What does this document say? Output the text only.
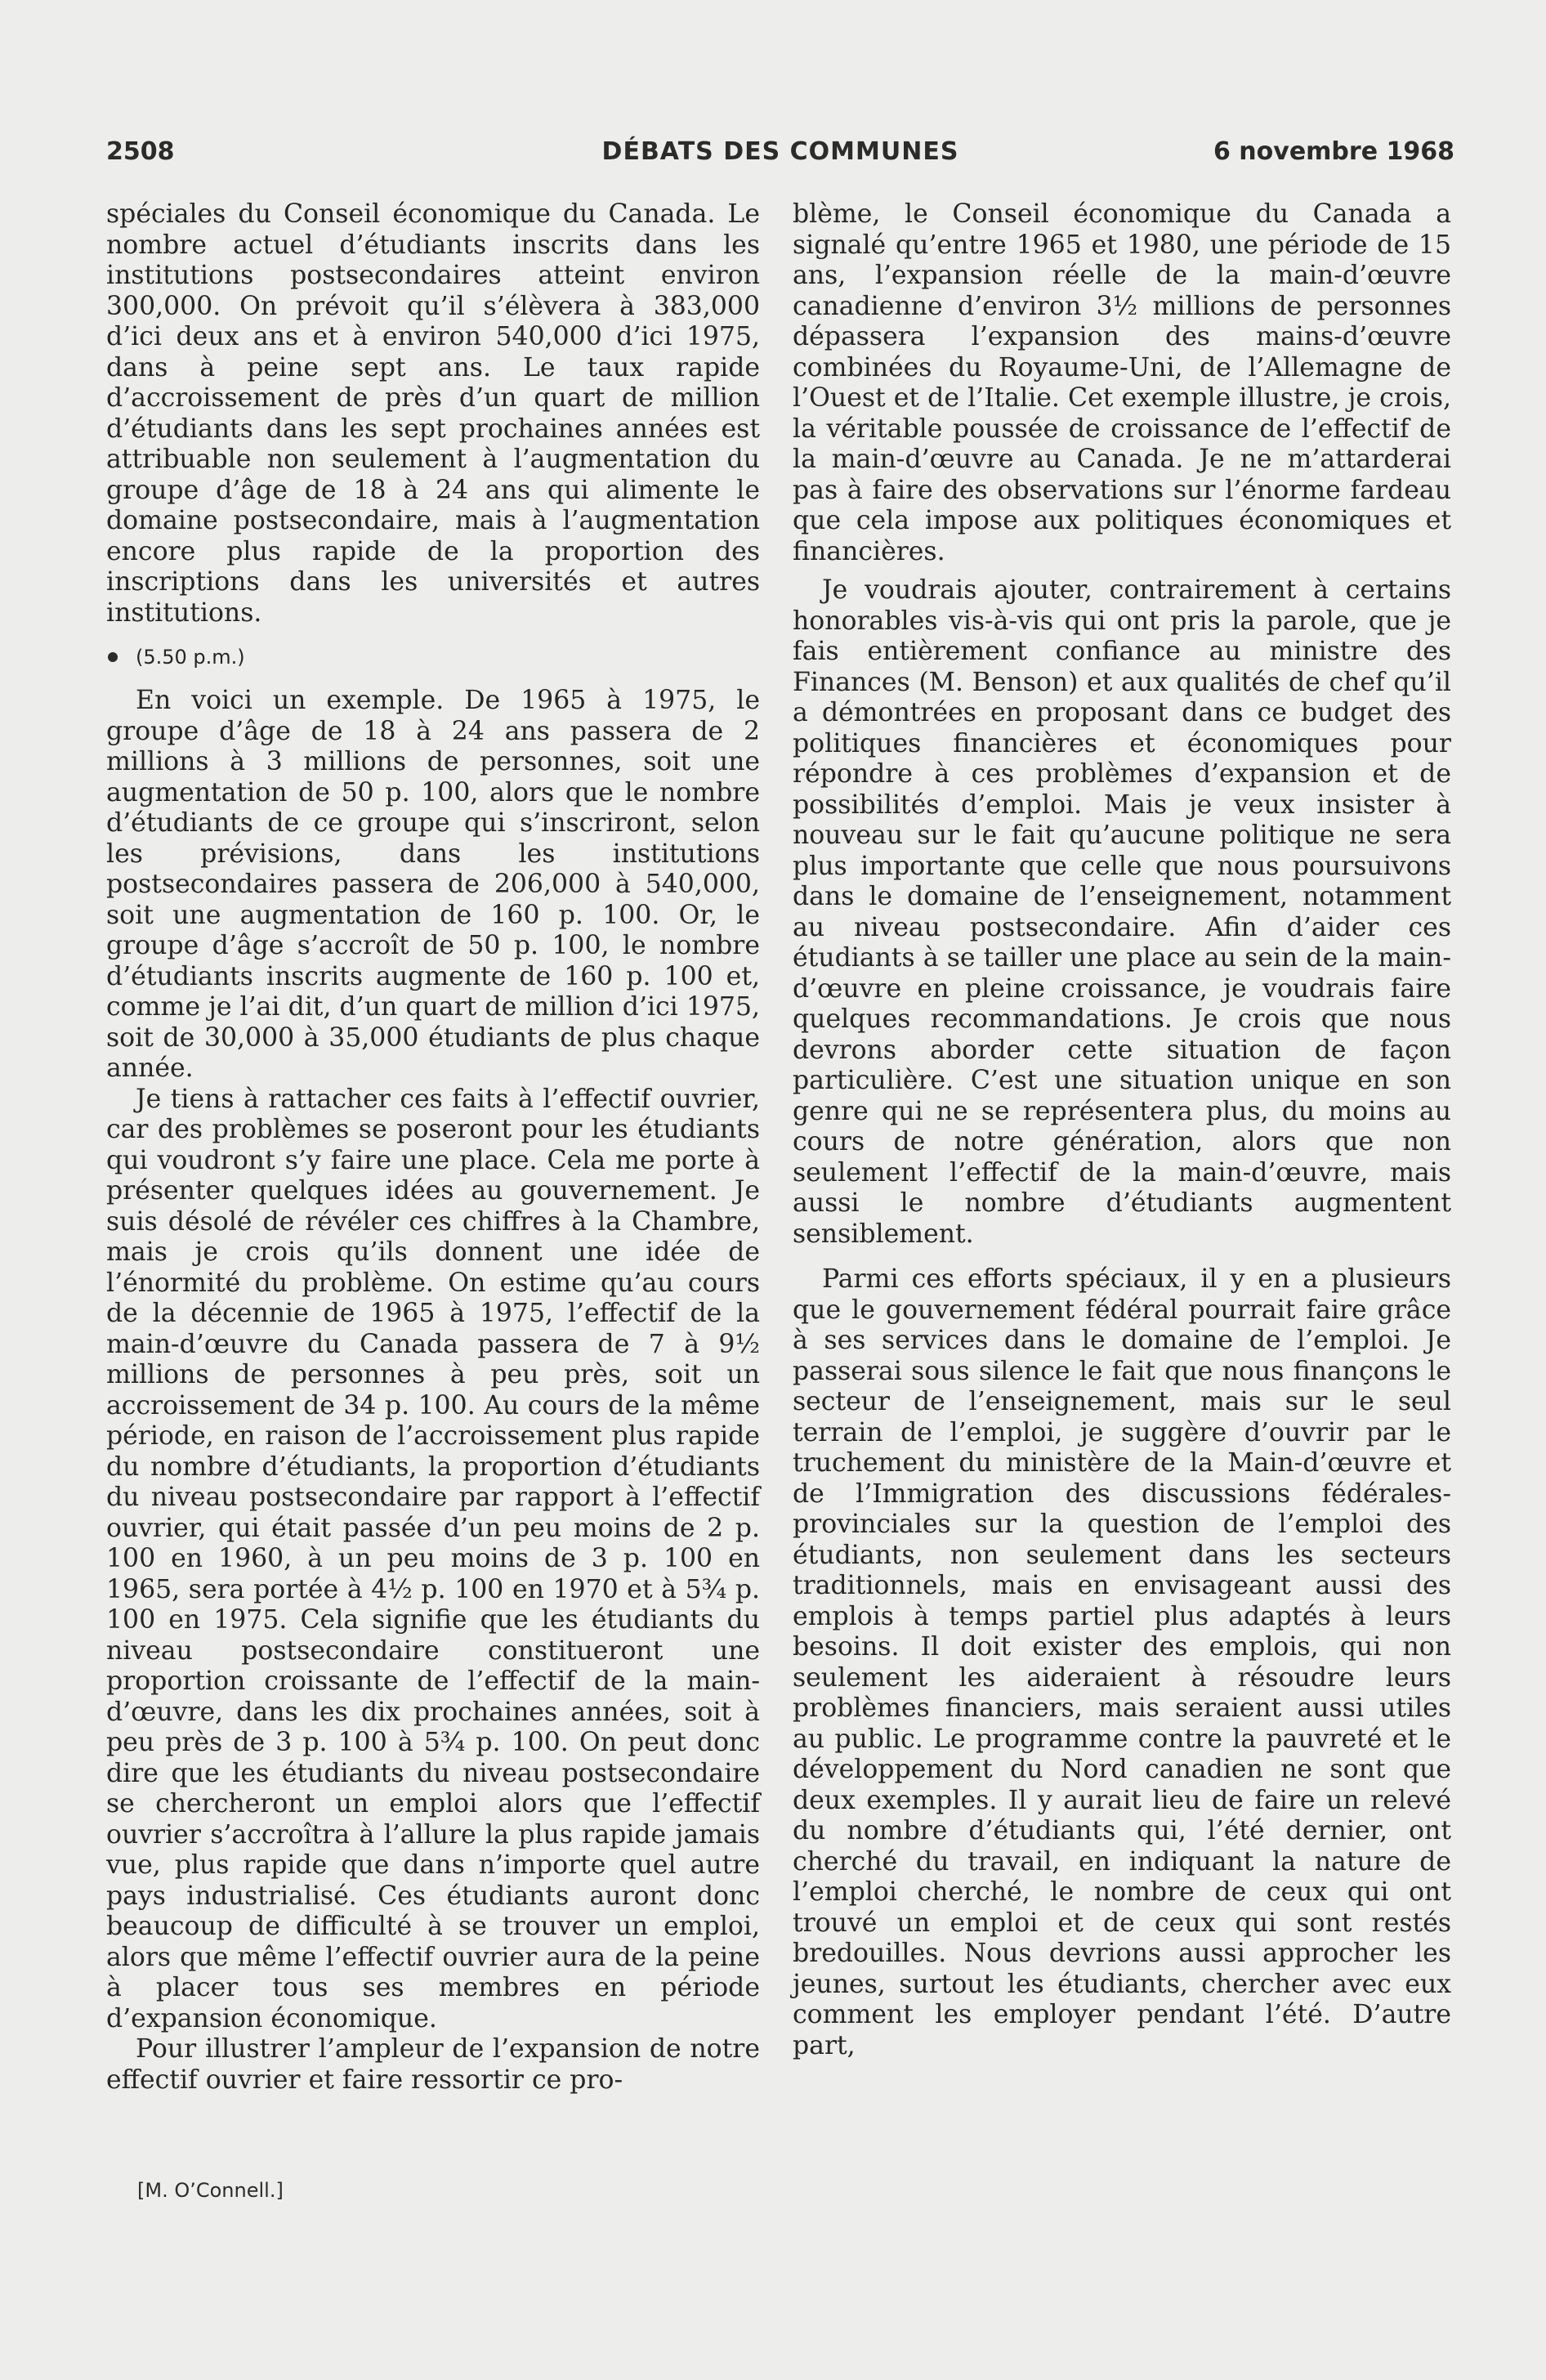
2508	DÉBATS DES COMMUNES	6 novembre 1968

spéciales du Conseil économique du Canada. Le nombre actuel d’étudiants inscrits dans les institutions postsecondaires atteint environ 300,000. On prévoit qu’il s’élèvera à 383,000 d’ici deux ans et à environ 540,000 d’ici 1975, dans à peine sept ans. Le taux rapide d’accroissement de près d’un quart de million d’étudiants dans les sept prochaines années est attribuable non seulement à l’augmentation du groupe d’âge de 18 à 24 ans qui alimente le domaine postsecondaire, mais à l’augmentation encore plus rapide de la proportion des inscriptions dans les universités et autres institutions.

(5.50 p.m.)

En voici un exemple. De 1965 à 1975, le groupe d’âge de 18 à 24 ans passera de 2 millions à 3 millions de personnes, soit une augmentation de 50 p. 100, alors que le nombre d’étudiants de ce groupe qui s’inscriront, selon les prévisions, dans les institutions postsecondaires passera de 206,000 à 540,000, soit une augmentation de 160 p. 100. Or, le groupe d’âge s’accroît de 50 p. 100, le nombre d’étudiants inscrits augmente de 160 p. 100 et, comme je l’ai dit, d’un quart de million d’ici 1975, soit de 30,000 à 35,000 étudiants de plus chaque année.

Je tiens à rattacher ces faits à l’effectif ouvrier, car des problèmes se poseront pour les étudiants qui voudront s’y faire une place. Cela me porte à présenter quelques idées au gouvernement. Je suis désolé de révéler ces chiffres à la Chambre, mais je crois qu’ils donnent une idée de l’énormité du problème. On estime qu’au cours de la décennie de 1965 à 1975, l’effectif de la main-d’œuvre du Canada passera de 7 à 9½ millions de personnes à peu près, soit un accroissement de 34 p. 100. Au cours de la même période, en raison de l’accroissement plus rapide du nombre d’étudiants, la proportion d’étudiants du niveau postsecondaire par rapport à l’effectif ouvrier, qui était passée d’un peu moins de 2 p. 100 en 1960, à un peu moins de 3 p. 100 en 1965, sera portée à 4½ p. 100 en 1970 et à 5¾ p. 100 en 1975. Cela signifie que les étudiants du niveau postsecondaire constitueront une proportion croissante de l’effectif de la main-d’œuvre, dans les dix prochaines années, soit à peu près de 3 p. 100 à 5¾ p. 100. On peut donc dire que les étudiants du niveau postsecondaire se chercheront un emploi alors que l’effectif ouvrier s’accroîtra à l’allure la plus rapide jamais vue, plus rapide que dans n’importe quel autre pays industrialisé. Ces étudiants auront donc beaucoup de difficulté à se trouver un emploi, alors que même l’effectif ouvrier aura de la peine à placer tous ses membres en période d’expansion économique.

Pour illustrer l’ampleur de l’expansion de notre effectif ouvrier et faire ressortir ce pro-

blème, le Conseil économique du Canada a signalé qu’entre 1965 et 1980, une période de 15 ans, l’expansion réelle de la main-d’œuvre canadienne d’environ 3½ millions de personnes dépassera l’expansion des mains-d’œuvre combinées du Royaume-Uni, de l’Allemagne de l’Ouest et de l’Italie. Cet exemple illustre, je crois, la véritable poussée de croissance de l’effectif de la main-d’œuvre au Canada. Je ne m’attarderai pas à faire des observations sur l’énorme fardeau que cela impose aux politiques économiques et financières.

Je voudrais ajouter, contrairement à certains honorables vis-à-vis qui ont pris la parole, que je fais entièrement confiance au ministre des Finances (M. Benson) et aux qualités de chef qu’il a démontrées en proposant dans ce budget des politiques financières et économiques pour répondre à ces problèmes d’expansion et de possibilités d’emploi. Mais je veux insister à nouveau sur le fait qu’aucune politique ne sera plus importante que celle que nous poursuivons dans le domaine de l’enseignement, notamment au niveau postsecondaire. Afin d’aider ces étudiants à se tailler une place au sein de la main-d’œuvre en pleine croissance, je voudrais faire quelques recommandations. Je crois que nous devrons aborder cette situation de façon particulière. C’est une situation unique en son genre qui ne se représentera plus, du moins au cours de notre génération, alors que non seulement l’effectif de la main-d’œuvre, mais aussi le nombre d’étudiants augmentent sensiblement.

Parmi ces efforts spéciaux, il y en a plusieurs que le gouvernement fédéral pourrait faire grâce à ses services dans le domaine de l’emploi. Je passerai sous silence le fait que nous finançons le secteur de l’enseignement, mais sur le seul terrain de l’emploi, je suggère d’ouvrir par le truchement du ministère de la Main-d’œuvre et de l’Immigration des discussions fédérales-provinciales sur la question de l’emploi des étudiants, non seulement dans les secteurs traditionnels, mais en envisageant aussi des emplois à temps partiel plus adaptés à leurs besoins. Il doit exister des emplois, qui non seulement les aideraient à résoudre leurs problèmes financiers, mais seraient aussi utiles au public. Le programme contre la pauvreté et le développement du Nord canadien ne sont que deux exemples. Il y aurait lieu de faire un relevé du nombre d’étudiants qui, l’été dernier, ont cherché du travail, en indiquant la nature de l’emploi cherché, le nombre de ceux qui ont trouvé un emploi et de ceux qui sont restés bredouilles. Nous devrions aussi approcher les jeunes, surtout les étudiants, chercher avec eux comment les employer pendant l’été. D’autre part,

[M. O’Connell.]
